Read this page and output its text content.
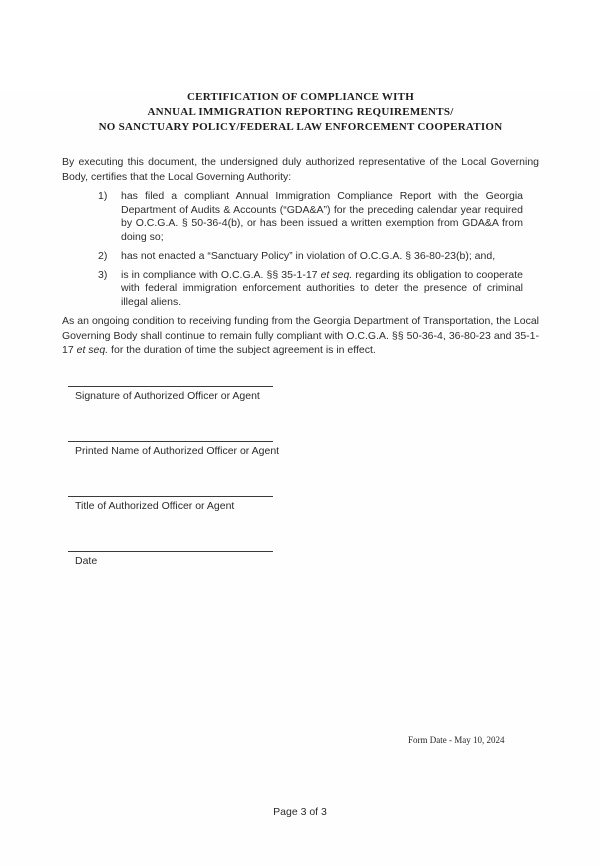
CERTIFICATION OF COMPLIANCE WITH
ANNUAL IMMIGRATION REPORTING REQUIREMENTS/
NO SANCTUARY POLICY/FEDERAL LAW ENFORCEMENT COOPERATION

By executing this document, the undersigned duly authorized representative of the Local Governing Body, certifies that the Local Governing Authority:

1)	has filed a compliant Annual Immigration Compliance Report with the Georgia Department of Audits & Accounts (“GDA&A”) for the preceding calendar year required by O.C.G.A. § 50-36-4(b), or has been issued a written exemption from GDA&A from doing so;
2)	has not enacted a “Sanctuary Policy” in violation of O.C.G.A. § 36-80-23(b); and,
3)	is in compliance with O.C.G.A. §§ 35-1-17 et seq. regarding its obligation to cooperate with federal immigration enforcement authorities to deter the presence of criminal illegal aliens.

As an ongoing condition to receiving funding from the Georgia Department of Transportation, the Local Governing Body shall continue to remain fully compliant with O.C.G.A. §§ 50-36-4, 36-80-23 and 35-1-17 et seq. for the duration of time the subject agreement is in effect.

Signature of Authorized Officer or Agent
Printed Name of Authorized Officer or Agent
Title of Authorized Officer or Agent
Date
Form Date - May 10, 2024
Page 3 of 3
